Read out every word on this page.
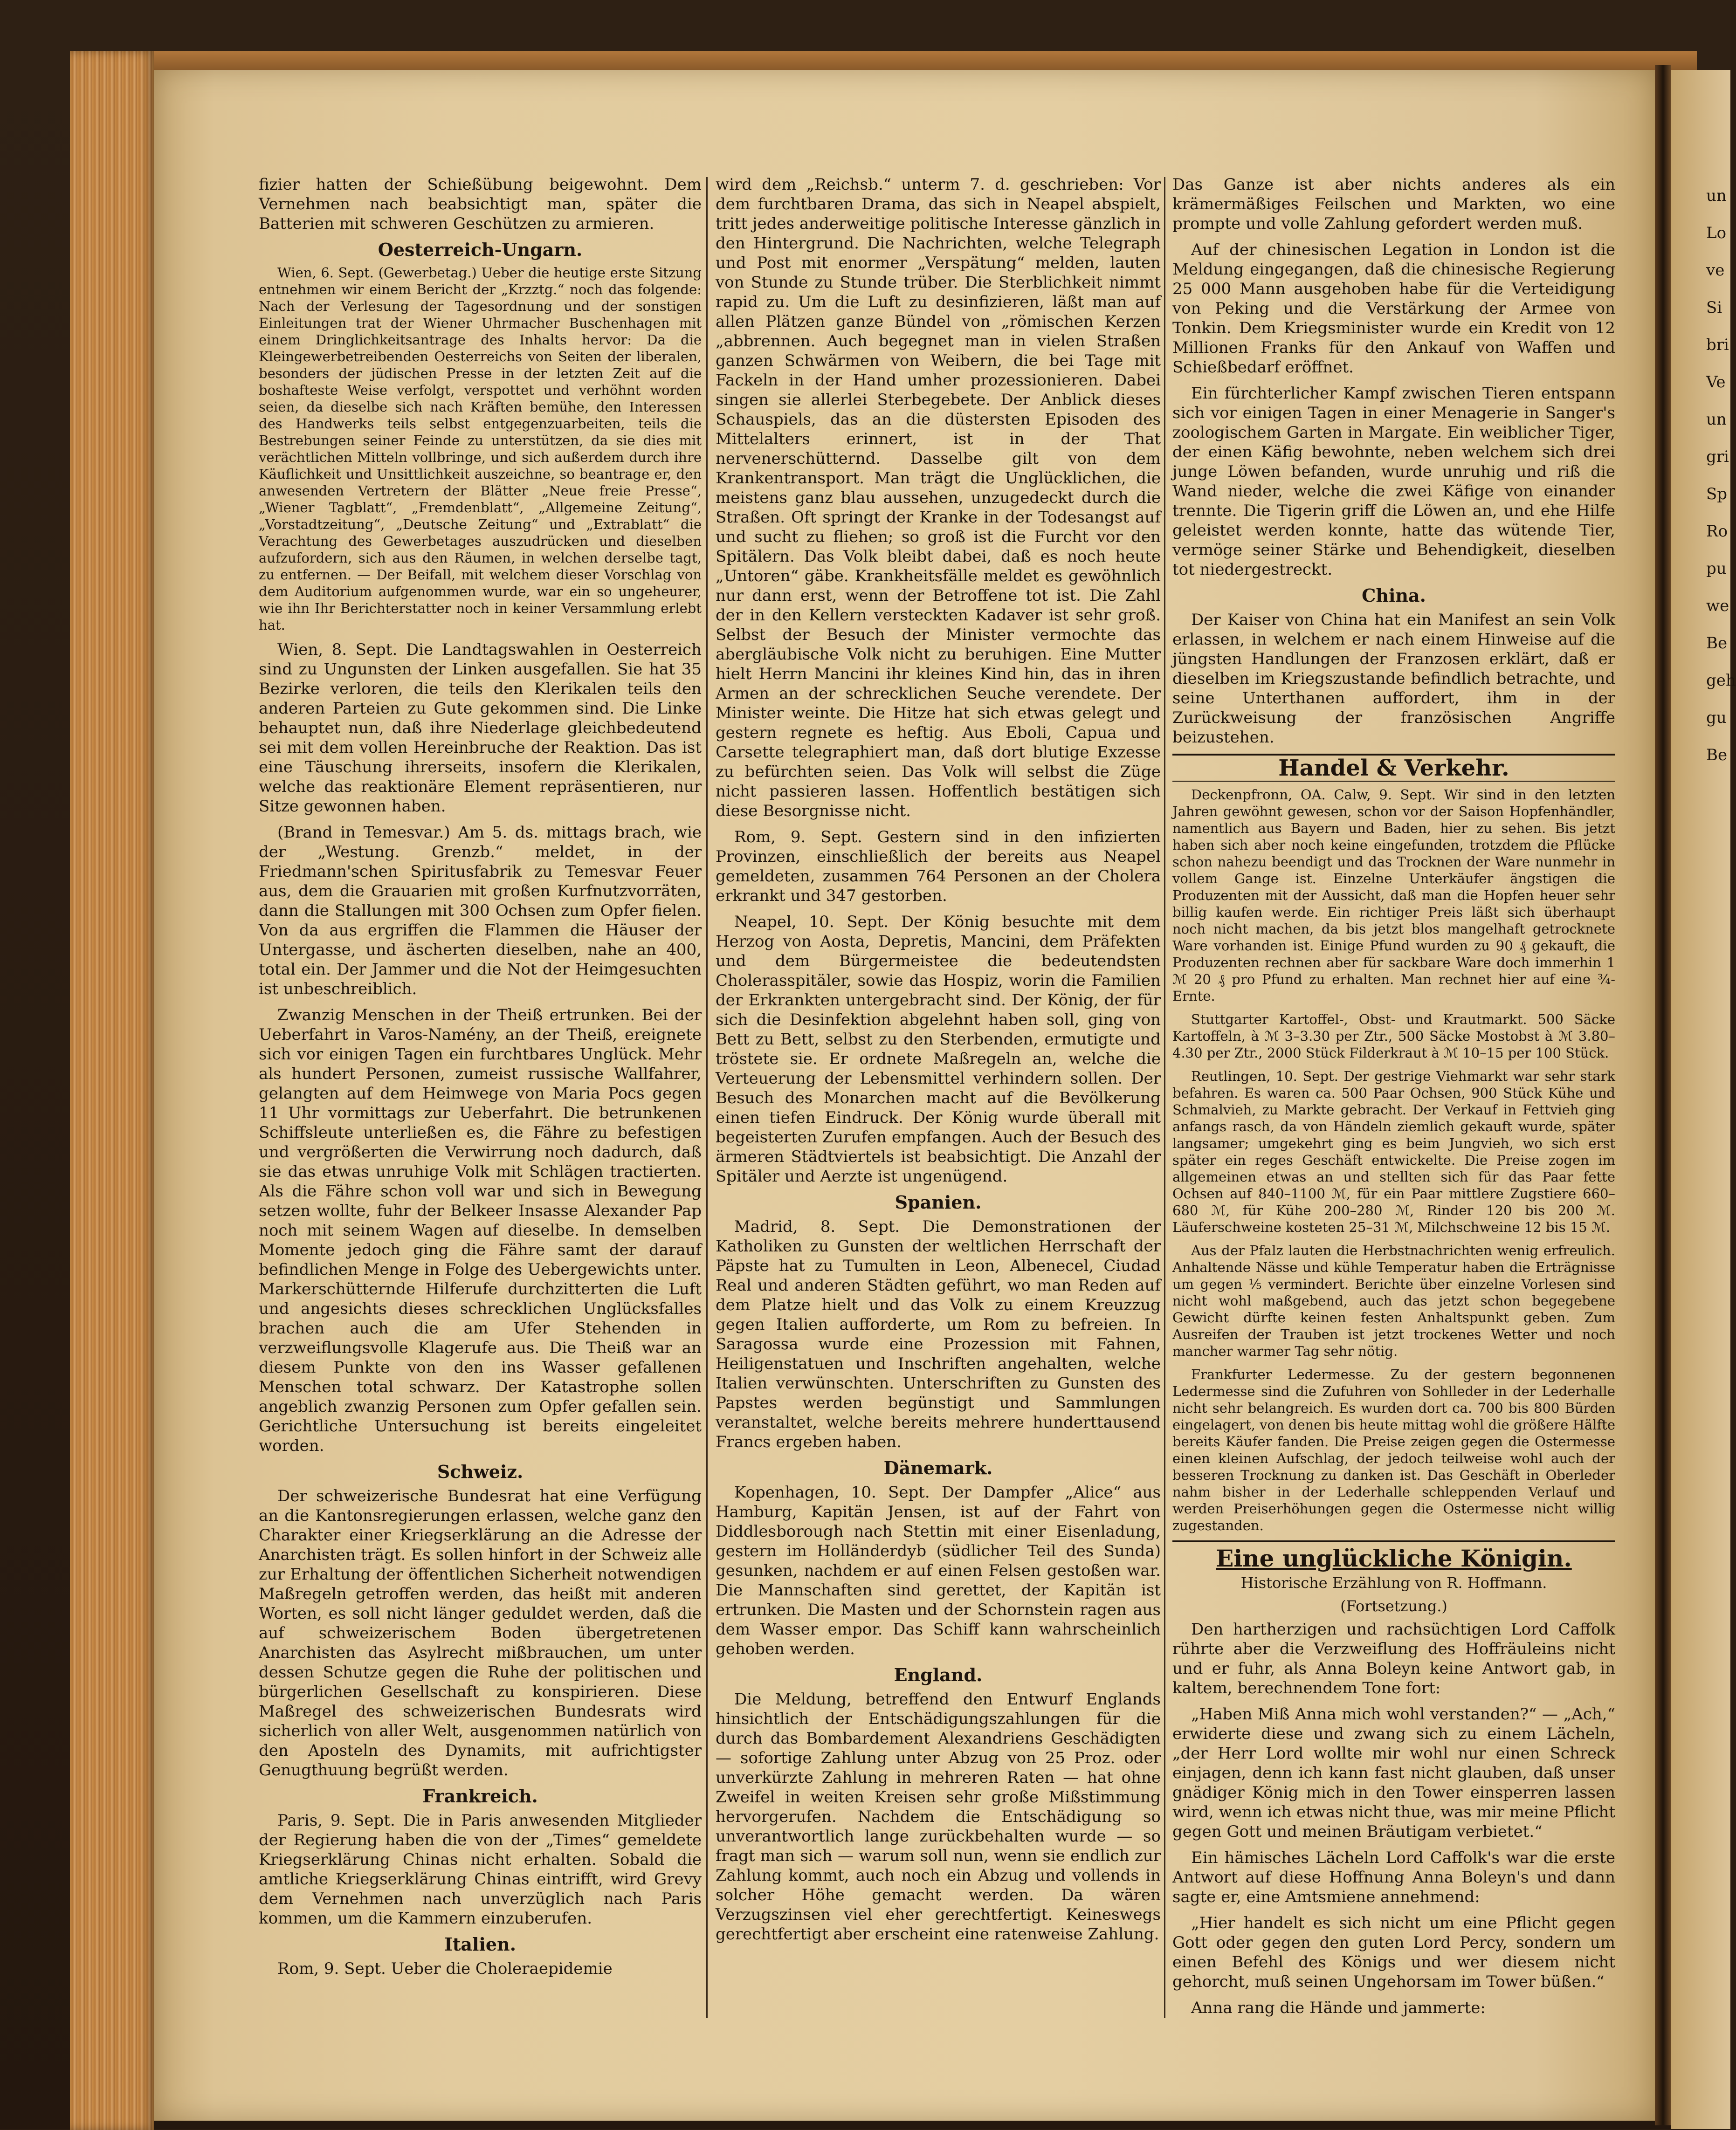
fizier hatten der Schießübung beigewohnt. Dem Vernehmen nach beabsichtigt man, später die Batterien mit schweren Geschützen zu armieren.

Oesterreich-Ungarn.

Wien, 6. Sept. (Gewerbetag.) Ueber die heutige erste Sitzung entnehmen wir einem Bericht der „Krzztg.“ noch das folgende: Nach der Verlesung der Tagesordnung und der sonstigen Einleitungen trat der Wiener Uhrmacher Buschenhagen mit einem Dringlichkeitsantrage des Inhalts hervor: Da die Kleingewerbetreibenden Oesterreichs von Seiten der liberalen, besonders der jüdischen Presse in der letzten Zeit auf die boshafteste Weise verfolgt, verspottet und verhöhnt worden seien, da dieselbe sich nach Kräften bemühe, den Interessen des Handwerks teils selbst entgegenzuarbeiten, teils die Bestrebungen seiner Feinde zu unterstützen, da sie dies mit verächtlichen Mitteln vollbringe, und sich außerdem durch ihre Käuflichkeit und Unsittlichkeit auszeichne, so beantrage er, den anwesenden Vertretern der Blätter „Neue freie Presse“, „Wiener Tagblatt“, „Fremdenblatt“, „Allgemeine Zeitung“, „Vorstadtzeitung“, „Deutsche Zeitung“ und „Extrablatt“ die Verachtung des Gewerbetages auszudrücken und dieselben aufzufordern, sich aus den Räumen, in welchen derselbe tagt, zu entfernen. — Der Beifall, mit welchem dieser Vorschlag von dem Auditorium aufgenommen wurde, war ein so ungeheurer, wie ihn Ihr Berichterstatter noch in keiner Versammlung erlebt hat.

Wien, 8. Sept. Die Landtagswahlen in Oesterreich sind zu Ungunsten der Linken ausgefallen. Sie hat 35 Bezirke verloren, die teils den Klerikalen teils den anderen Parteien zu Gute gekommen sind. Die Linke behauptet nun, daß ihre Niederlage gleichbedeutend sei mit dem vollen Hereinbruche der Reaktion. Das ist eine Täuschung ihrerseits, insofern die Klerikalen, welche das reaktionäre Element repräsentieren, nur Sitze gewonnen haben.

(Brand in Temesvar.) Am 5. ds. mittags brach, wie der „Westung. Grenzb.“ meldet, in der Friedmann'schen Spiritusfabrik zu Temesvar Feuer aus, dem die Grauarien mit großen Kurfnutzvorräten, dann die Stallungen mit 300 Ochsen zum Opfer fielen. Von da aus ergriffen die Flammen die Häuser der Untergasse, und äscherten dieselben, nahe an 400, total ein. Der Jammer und die Not der Heimgesuchten ist unbeschreiblich.

Zwanzig Menschen in der Theiß ertrunken. Bei der Ueberfahrt in Varos-Namény, an der Theiß, ereignete sich vor einigen Tagen ein furchtbares Unglück. Mehr als hundert Personen, zumeist russische Wallfahrer, gelangten auf dem Heimwege von Maria Pocs gegen 11 Uhr vormittags zur Ueberfahrt. Die betrunkenen Schiffsleute unterließen es, die Fähre zu befestigen und vergrößerten die Verwirrung noch dadurch, daß sie das etwas unruhige Volk mit Schlägen tractierten. Als die Fähre schon voll war und sich in Bewegung setzen wollte, fuhr der Belkeer Insasse Alexander Pap noch mit seinem Wagen auf dieselbe. In demselben Momente jedoch ging die Fähre samt der darauf befindlichen Menge in Folge des Uebergewichts unter. Markerschütternde Hilferufe durchzitterten die Luft und angesichts dieses schrecklichen Unglücksfalles brachen auch die am Ufer Stehenden in verzweiflungsvolle Klagerufe aus. Die Theiß war an diesem Punkte von den ins Wasser gefallenen Menschen total schwarz. Der Katastrophe sollen angeblich zwanzig Personen zum Opfer gefallen sein. Gerichtliche Untersuchung ist bereits eingeleitet worden.

Schweiz.

Der schweizerische Bundesrat hat eine Verfügung an die Kantonsregierungen erlassen, welche ganz den Charakter einer Kriegserklärung an die Adresse der Anarchisten trägt. Es sollen hinfort in der Schweiz alle zur Erhaltung der öffentlichen Sicherheit notwendigen Maßregeln getroffen werden, das heißt mit anderen Worten, es soll nicht länger geduldet werden, daß die auf schweizerischem Boden übergetretenen Anarchisten das Asylrecht mißbrauchen, um unter dessen Schutze gegen die Ruhe der politischen und bürgerlichen Gesellschaft zu konspirieren. Diese Maßregel des schweizerischen Bundesrats wird sicherlich von aller Welt, ausgenommen natürlich von den Aposteln des Dynamits, mit aufrichtigster Genugthuung begrüßt werden.

Frankreich.

Paris, 9. Sept. Die in Paris anwesenden Mitglieder der Regierung haben die von der „Times“ gemeldete Kriegserklärung Chinas nicht erhalten. Sobald die amtliche Kriegserklärung Chinas eintrifft, wird Grevy dem Vernehmen nach unverzüglich nach Paris kommen, um die Kammern einzuberufen.

Italien.

Rom, 9. Sept. Ueber die Choleraepidemie

wird dem „Reichsb.“ unterm 7. d. geschrieben: Vor dem furchtbaren Drama, das sich in Neapel abspielt, tritt jedes anderweitige politische Interesse gänzlich in den Hintergrund. Die Nachrichten, welche Telegraph und Post mit enormer „Verspätung“ melden, lauten von Stunde zu Stunde trüber. Die Sterblichkeit nimmt rapid zu. Um die Luft zu desinfizieren, läßt man auf allen Plätzen ganze Bündel von „römischen Kerzen „abbrennen. Auch begegnet man in vielen Straßen ganzen Schwärmen von Weibern, die bei Tage mit Fackeln in der Hand umher prozessionieren. Dabei singen sie allerlei Sterbegebete. Der Anblick dieses Schauspiels, das an die düstersten Episoden des Mittelalters erinnert, ist in der That nervenerschütternd. Dasselbe gilt von dem Krankentransport. Man trägt die Unglücklichen, die meistens ganz blau aussehen, unzugedeckt durch die Straßen. Oft springt der Kranke in der Todesangst auf und sucht zu fliehen; so groß ist die Furcht vor den Spitälern. Das Volk bleibt dabei, daß es noch heute „Untoren“ gäbe. Krankheitsfälle meldet es gewöhnlich nur dann erst, wenn der Betroffene tot ist. Die Zahl der in den Kellern versteckten Kadaver ist sehr groß. Selbst der Besuch der Minister vermochte das abergläubische Volk nicht zu beruhigen. Eine Mutter hielt Herrn Mancini ihr kleines Kind hin, das in ihren Armen an der schrecklichen Seuche verendete. Der Minister weinte. Die Hitze hat sich etwas gelegt und gestern regnete es heftig. Aus Eboli, Capua und Carsette telegraphiert man, daß dort blutige Exzesse zu befürchten seien. Das Volk will selbst die Züge nicht passieren lassen. Hoffentlich bestätigen sich diese Besorgnisse nicht.

Rom, 9. Sept. Gestern sind in den infizierten Provinzen, einschließlich der bereits aus Neapel gemeldeten, zusammen 764 Personen an der Cholera erkrankt und 347 gestorben.

Neapel, 10. Sept. Der König besuchte mit dem Herzog von Aosta, Depretis, Mancini, dem Präfekten und dem Bürgermeistee die bedeutendsten Cholerasspitäler, sowie das Hospiz, worin die Familien der Erkrankten untergebracht sind. Der König, der für sich die Desinfektion abgelehnt haben soll, ging von Bett zu Bett, selbst zu den Sterbenden, ermutigte und tröstete sie. Er ordnete Maßregeln an, welche die Verteuerung der Lebensmittel verhindern sollen. Der Besuch des Monarchen macht auf die Bevölkerung einen tiefen Eindruck. Der König wurde überall mit begeisterten Zurufen empfangen. Auch der Besuch des ärmeren Städtviertels ist beabsichtigt. Die Anzahl der Spitäler und Aerzte ist ungenügend.

Spanien.

Madrid, 8. Sept. Die Demonstrationen der Katholiken zu Gunsten der weltlichen Herrschaft der Päpste hat zu Tumulten in Leon, Albenecel, Ciudad Real und anderen Städten geführt, wo man Reden auf dem Platze hielt und das Volk zu einem Kreuzzug gegen Italien aufforderte, um Rom zu befreien. In Saragossa wurde eine Prozession mit Fahnen, Heiligenstatuen und Inschriften angehalten, welche Italien verwünschten. Unterschriften zu Gunsten des Papstes werden begünstigt und Sammlungen veranstaltet, welche bereits mehrere hunderttausend Francs ergeben haben.

Dänemark.

Kopenhagen, 10. Sept. Der Dampfer „Alice“ aus Hamburg, Kapitän Jensen, ist auf der Fahrt von Diddlesborough nach Stettin mit einer Eisenladung, gestern im Holländerdyb (südlicher Teil des Sunda) gesunken, nachdem er auf einen Felsen gestoßen war. Die Mannschaften sind gerettet, der Kapitän ist ertrunken. Die Masten und der Schornstein ragen aus dem Wasser empor. Das Schiff kann wahrscheinlich gehoben werden.

England.

Die Meldung, betreffend den Entwurf Englands hinsichtlich der Entschädigungszahlungen für die durch das Bombardement Alexandriens Geschädigten — sofortige Zahlung unter Abzug von 25 Proz. oder unverkürzte Zahlung in mehreren Raten — hat ohne Zweifel in weiten Kreisen sehr große Mißstimmung hervorgerufen. Nachdem die Entschädigung so unverantwortlich lange zurückbehalten wurde — so fragt man sich — warum soll nun, wenn sie endlich zur Zahlung kommt, auch noch ein Abzug und vollends in solcher Höhe gemacht werden. Da wären Verzugszinsen viel eher gerechtfertigt. Keineswegs gerechtfertigt aber erscheint eine ratenweise Zahlung.

Das Ganze ist aber nichts anderes als ein krämermäßiges Feilschen und Markten, wo eine prompte und volle Zahlung gefordert werden muß.

Auf der chinesischen Legation in London ist die Meldung eingegangen, daß die chinesische Regierung 25 000 Mann ausgehoben habe für die Verteidigung von Peking und die Verstärkung der Armee von Tonkin. Dem Kriegsminister wurde ein Kredit von 12 Millionen Franks für den Ankauf von Waffen und Schießbedarf eröffnet.

Ein fürchterlicher Kampf zwischen Tieren entspann sich vor einigen Tagen in einer Menagerie in Sanger's zoologischem Garten in Margate. Ein weiblicher Tiger, der einen Käfig bewohnte, neben welchem sich drei junge Löwen befanden, wurde unruhig und riß die Wand nieder, welche die zwei Käfige von einander trennte. Die Tigerin griff die Löwen an, und ehe Hilfe geleistet werden konnte, hatte das wütende Tier, vermöge seiner Stärke und Behendigkeit, dieselben tot niedergestreckt.

China.

Der Kaiser von China hat ein Manifest an sein Volk erlassen, in welchem er nach einem Hinweise auf die jüngsten Handlungen der Franzosen erklärt, daß er dieselben im Kriegszustande befindlich betrachte, und seine Unterthanen auffordert, ihm in der Zurückweisung der französischen Angriffe beizustehen.

Handel & Verkehr.

Deckenpfronn, OA. Calw, 9. Sept. Wir sind in den letzten Jahren gewöhnt gewesen, schon vor der Saison Hopfenhändler, namentlich aus Bayern und Baden, hier zu sehen. Bis jetzt haben sich aber noch keine eingefunden, trotzdem die Pflücke schon nahezu beendigt und das Trocknen der Ware nunmehr in vollem Gange ist. Einzelne Unterkäufer ängstigen die Produzenten mit der Aussicht, daß man die Hopfen heuer sehr billig kaufen werde. Ein richtiger Preis läßt sich überhaupt noch nicht machen, da bis jetzt blos mangelhaft getrocknete Ware vorhanden ist. Einige Pfund wurden zu 90 ₰ gekauft, die Produzenten rechnen aber für sackbare Ware doch immerhin 1 ℳ 20 ₰ pro Pfund zu erhalten. Man rechnet hier auf eine ¾-Ernte.

Stuttgarter Kartoffel-, Obst- und Krautmarkt. 500 Säcke Kartoffeln, à ℳ 3–3.30 per Ztr., 500 Säcke Mostobst à ℳ 3.80–4.30 per Ztr., 2000 Stück Filderkraut à ℳ 10–15 per 100 Stück.

Reutlingen, 10. Sept. Der gestrige Viehmarkt war sehr stark befahren. Es waren ca. 500 Paar Ochsen, 900 Stück Kühe und Schmalvieh, zu Markte gebracht. Der Verkauf in Fettvieh ging anfangs rasch, da von Händeln ziemlich gekauft wurde, später langsamer; umgekehrt ging es beim Jungvieh, wo sich erst später ein reges Geschäft entwickelte. Die Preise zogen im allgemeinen etwas an und stellten sich für das Paar fette Ochsen auf 840–1100 ℳ, für ein Paar mittlere Zugstiere 660–680 ℳ, für Kühe 200–280 ℳ, Rinder 120 bis 200 ℳ. Läuferschweine kosteten 25–31 ℳ, Milchschweine 12 bis 15 ℳ.

Aus der Pfalz lauten die Herbstnachrichten wenig erfreulich. Anhaltende Nässe und kühle Temperatur haben die Erträgnisse um gegen ⅕ vermindert. Berichte über einzelne Vorlesen sind nicht wohl maßgebend, auch das jetzt schon begegebene Gewicht dürfte keinen festen Anhaltspunkt geben. Zum Ausreifen der Trauben ist jetzt trockenes Wetter und noch mancher warmer Tag sehr nötig.

Frankfurter Ledermesse. Zu der gestern begonnenen Ledermesse sind die Zufuhren von Sohlleder in der Lederhalle nicht sehr belangreich. Es wurden dort ca. 700 bis 800 Bürden eingelagert, von denen bis heute mittag wohl die größere Hälfte bereits Käufer fanden. Die Preise zeigen gegen die Ostermesse einen kleinen Aufschlag, der jedoch teilweise wohl auch der besseren Trocknung zu danken ist. Das Geschäft in Oberleder nahm bisher in der Lederhalle schleppenden Verlauf und werden Preiserhöhungen gegen die Ostermesse nicht willig zugestanden.

Eine unglückliche Königin.
Historische Erzählung von R. Hoffmann.
(Fortsetzung.)

Den hartherzigen und rachsüchtigen Lord Caffolk rührte aber die Verzweiflung des Hoffräuleins nicht und er fuhr, als Anna Boleyn keine Antwort gab, in kaltem, berechnendem Tone fort:

„Haben Miß Anna mich wohl verstanden?“ — „Ach,“ erwiderte diese und zwang sich zu einem Lächeln, „der Herr Lord wollte mir wohl nur einen Schreck einjagen, denn ich kann fast nicht glauben, daß unser gnädiger König mich in den Tower einsperren lassen wird, wenn ich etwas nicht thue, was mir meine Pflicht gegen Gott und meinen Bräutigam verbietet.“

Ein hämisches Lächeln Lord Caffolk's war die erste Antwort auf diese Hoffnung Anna Boleyn's und dann sagte er, eine Amtsmiene annehmend:

„Hier handelt es sich nicht um eine Pflicht gegen Gott oder gegen den guten Lord Percy, sondern um einen Befehl des Königs und wer diesem nicht gehorcht, muß seinen Ungehorsam im Tower büßen.“

Anna rang die Hände und jammerte:

un
Lo
ve
Si
bri
Ve
un
gri
Sp
Ro
pu
we
Be
geh
gu
Be
